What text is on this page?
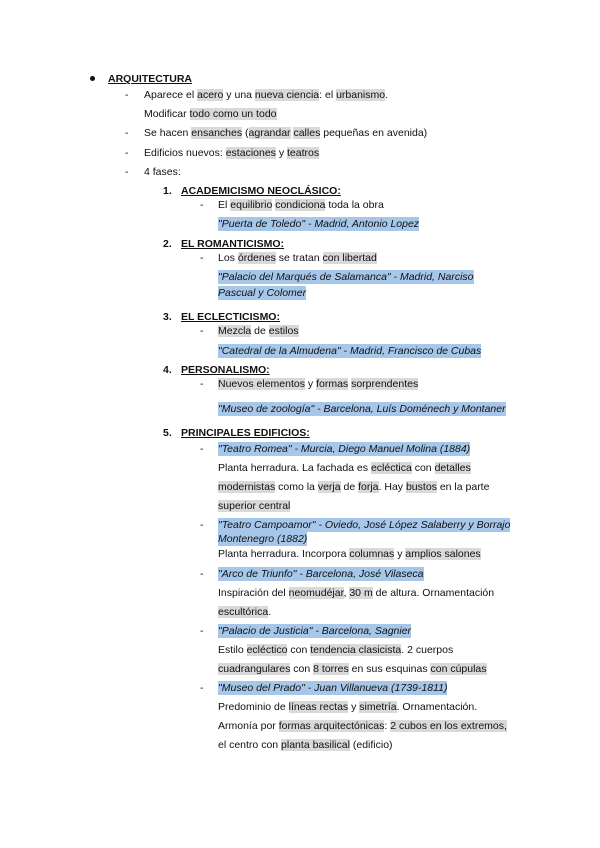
ARQUITECTURA
- Aparece el acero y una nueva ciencia: el urbanismo.
Modificar todo como un todo
- Se hacen ensanches (agrandar calles pequeñas en avenida)
- Edificios nuevos: estaciones y teatros
- 4 fases:
1. ACADEMICISMO NEOCLÁSICO:
- El equilibrio condiciona toda la obra
"Puerta de Toledo" - Madrid, Antonio Lopez
2. EL ROMANTICISMO:
- Los órdenes se tratan con libertad
"Palacio del Marqués de Salamanca" - Madrid, Narciso
Pascual y Colomer
3. EL ECLECTICISMO:
- Mezcla de estilos
"Catedral de la Almudena" - Madrid, Francisco de Cubas
4. PERSONALISMO:
- Nuevos elementos y formas sorprendentes
"Museo de zoología" - Barcelona, Luís Doménech y Montaner
5. PRINCIPALES EDIFICIOS:
- "Teatro Romea" - Murcia, Diego Manuel Molina (1884)
Planta herradura. La fachada es ecléctica con detalles
modernistas como la verja de forja. Hay bustos en la parte
superior central
- "Teatro Campoamor" - Oviedo, José López Salaberry y Borrajo
Montenegro (1882)
Planta herradura. Incorpora columnas y amplios salones
- "Arco de Triunfo" - Barcelona, José Vilaseca
Inspiración del neomudéjar, 30 m de altura. Ornamentación
escultórica.
- "Palacio de Justicia" - Barcelona, Sagnier
Estilo ecléctico con tendencia clasicista. 2 cuerpos
cuadrangulares con 8 torres en sus esquinas con cúpulas
- "Museo del Prado" - Juan Villanueva (1739-1811)
Predominio de líneas rectas y simetría. Ornamentación.
Armonía por formas arquitectónicas: 2 cubos en los extremos,
el centro con planta basilical (edificio)
